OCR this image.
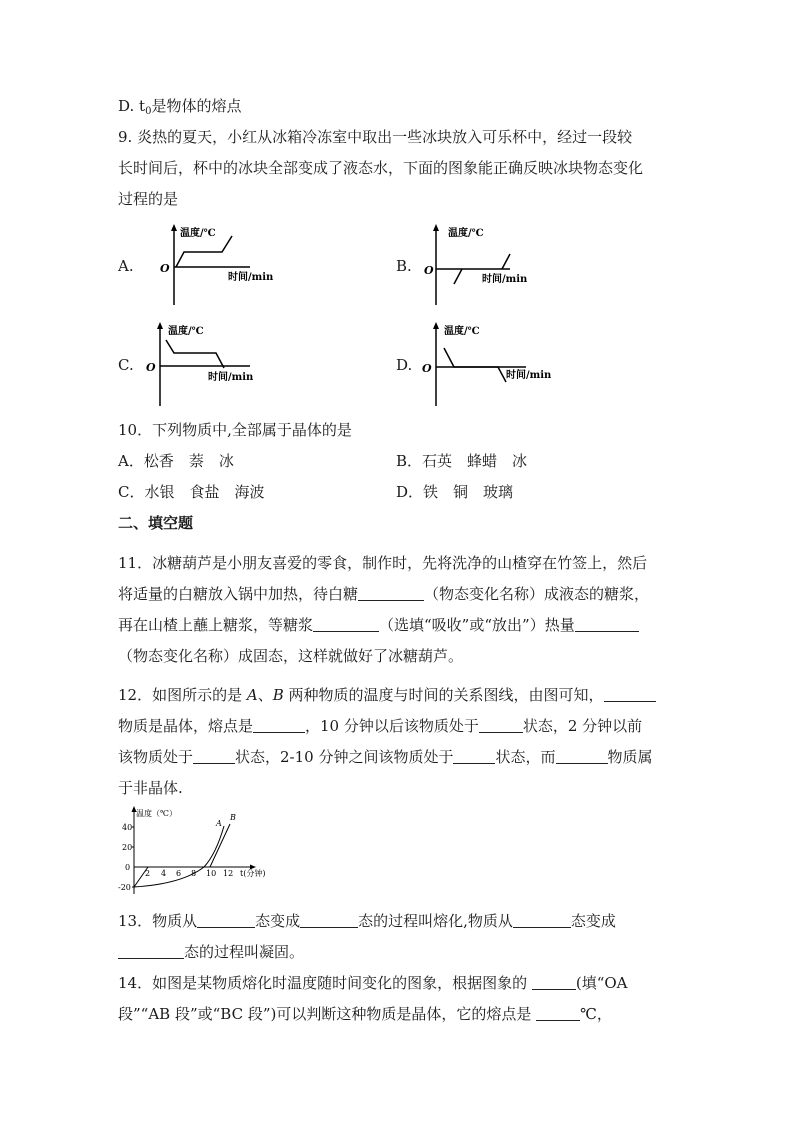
D. $t_0$是物体的熔点
9. 炎热的夏天，小红从冰箱冷冻室中取出一些冰块放入可乐杯中，经过一段较
长时间后，杯中的冰块全部变成了液态水，下面的图象能正确反映冰块物态变化
过程的是
A. O
温度/℃
时间/min
B. O
温度/℃
时间/min
C. O
温度/℃
时间/min
D. O
温度/℃
时间/min
10．下列物质中,全部属于晶体的是
A．松香　萘　冰	B．石英　蜂蜡　冰
C．水银　食盐　海波	D．铁　铜　玻璃
二、填空题
11．冰糖葫芦是小朋友喜爱的零食，制作时，先将洗净的山楂穿在竹签上，然后
将适量的白糖放入锅中加热，待白糖	（物态变化名称）成液态的糖浆，
再在山楂上蘸上糖浆，等糖浆	（选填“吸收”或“放出”）热量
（物态变化名称）成固态，这样就做好了冰糖葫芦。
12．如图所示的是 A、B 两种物质的温度与时间的关系图线，由图可知，
物质是晶体，熔点是	，10 分钟以后该物质处于	状态，2 分钟以前
该物质处于	状态，2-10 分钟之间该物质处于	状态，而	物质属
于非晶体.
温度（℃）
40
20
0
-20
2 4 6 8 10 12 t(分钟)
A
B
13．物质从	态变成	态的过程叫熔化,物质从	态变成
态的过程叫凝固。
14．如图是某物质熔化时温度随时间变化的图象，根据图象的	(填“OA
段”“AB 段”或“BC 段”)可以判断这种物质是晶体，它的熔点是	℃，
